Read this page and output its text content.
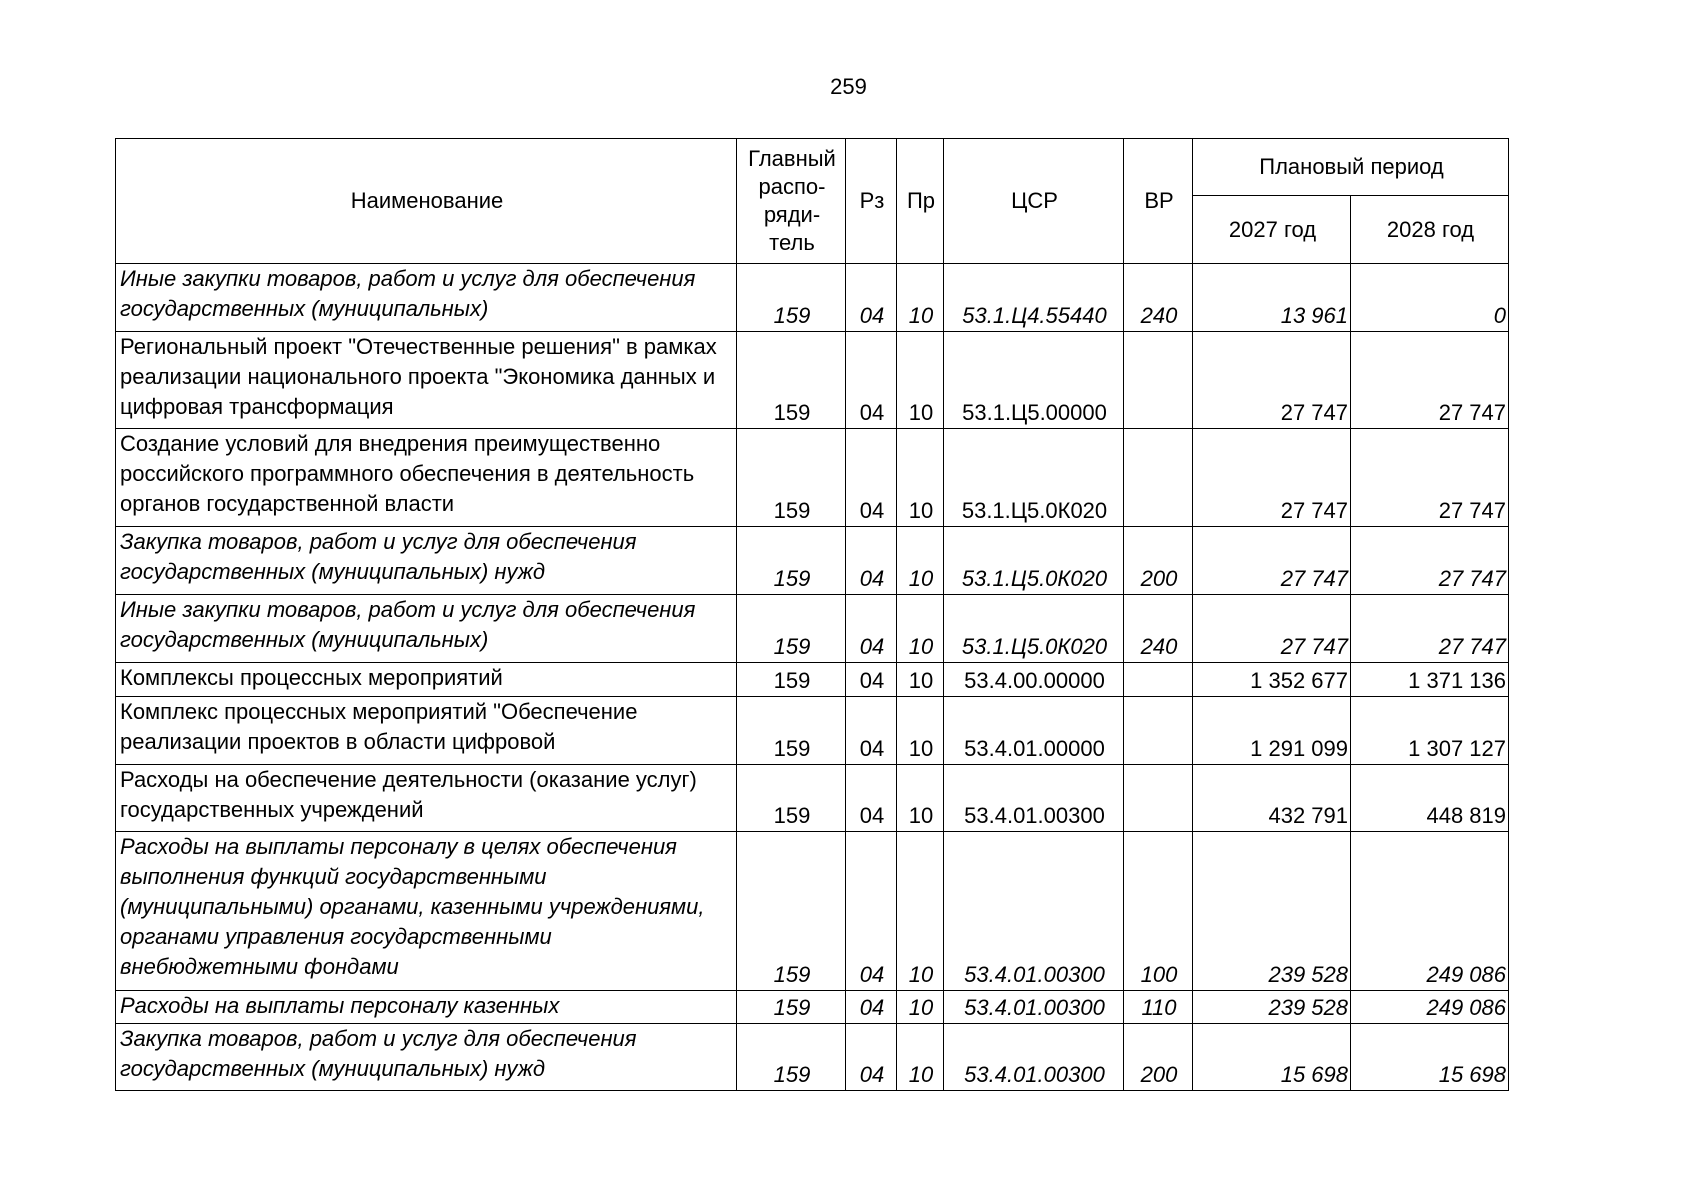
259
Наименование	Главный распо-ряди-тель	Рз	Пр	ЦСР	ВР	Плановый период	
						2027 год	2028 год
Иные закупки товаров, работ и услуг для обеспечения государственных (муниципальных)	159	04	10	53.1.Ц4.55440	240	13 961	0
Региональный проект "Отечественные решения" в рамках реализации национального проекта "Экономика данных и цифровая трансформация	159	04	10	53.1.Ц5.00000		27 747	27 747
Создание условий для внедрения преимущественно российского программного обеспечения в деятельность органов государственной власти	159	04	10	53.1.Ц5.0К020		27 747	27 747
Закупка товаров, работ и услуг для обеспечения государственных (муниципальных) нужд	159	04	10	53.1.Ц5.0К020	200	27 747	27 747
Иные закупки товаров, работ и услуг для обеспечения государственных (муниципальных)	159	04	10	53.1.Ц5.0К020	240	27 747	27 747
Комплексы процессных мероприятий	159	04	10	53.4.00.00000		1 352 677	1 371 136
Комплекс процессных мероприятий "Обеспечение реализации проектов в области цифровой	159	04	10	53.4.01.00000		1 291 099	1 307 127
Расходы на обеспечение деятельности (оказание услуг) государственных учреждений	159	04	10	53.4.01.00300		432 791	448 819
Расходы на выплаты персоналу в целях обеспечения выполнения функций государственными (муниципальными) органами, казенными учреждениями, органами управления государственными внебюджетными фондами	159	04	10	53.4.01.00300	100	239 528	249 086
Расходы на выплаты персоналу казенных	159	04	10	53.4.01.00300	110	239 528	249 086
Закупка товаров, работ и услуг для обеспечения государственных (муниципальных) нужд	159	04	10	53.4.01.00300	200	15 698	15 698
